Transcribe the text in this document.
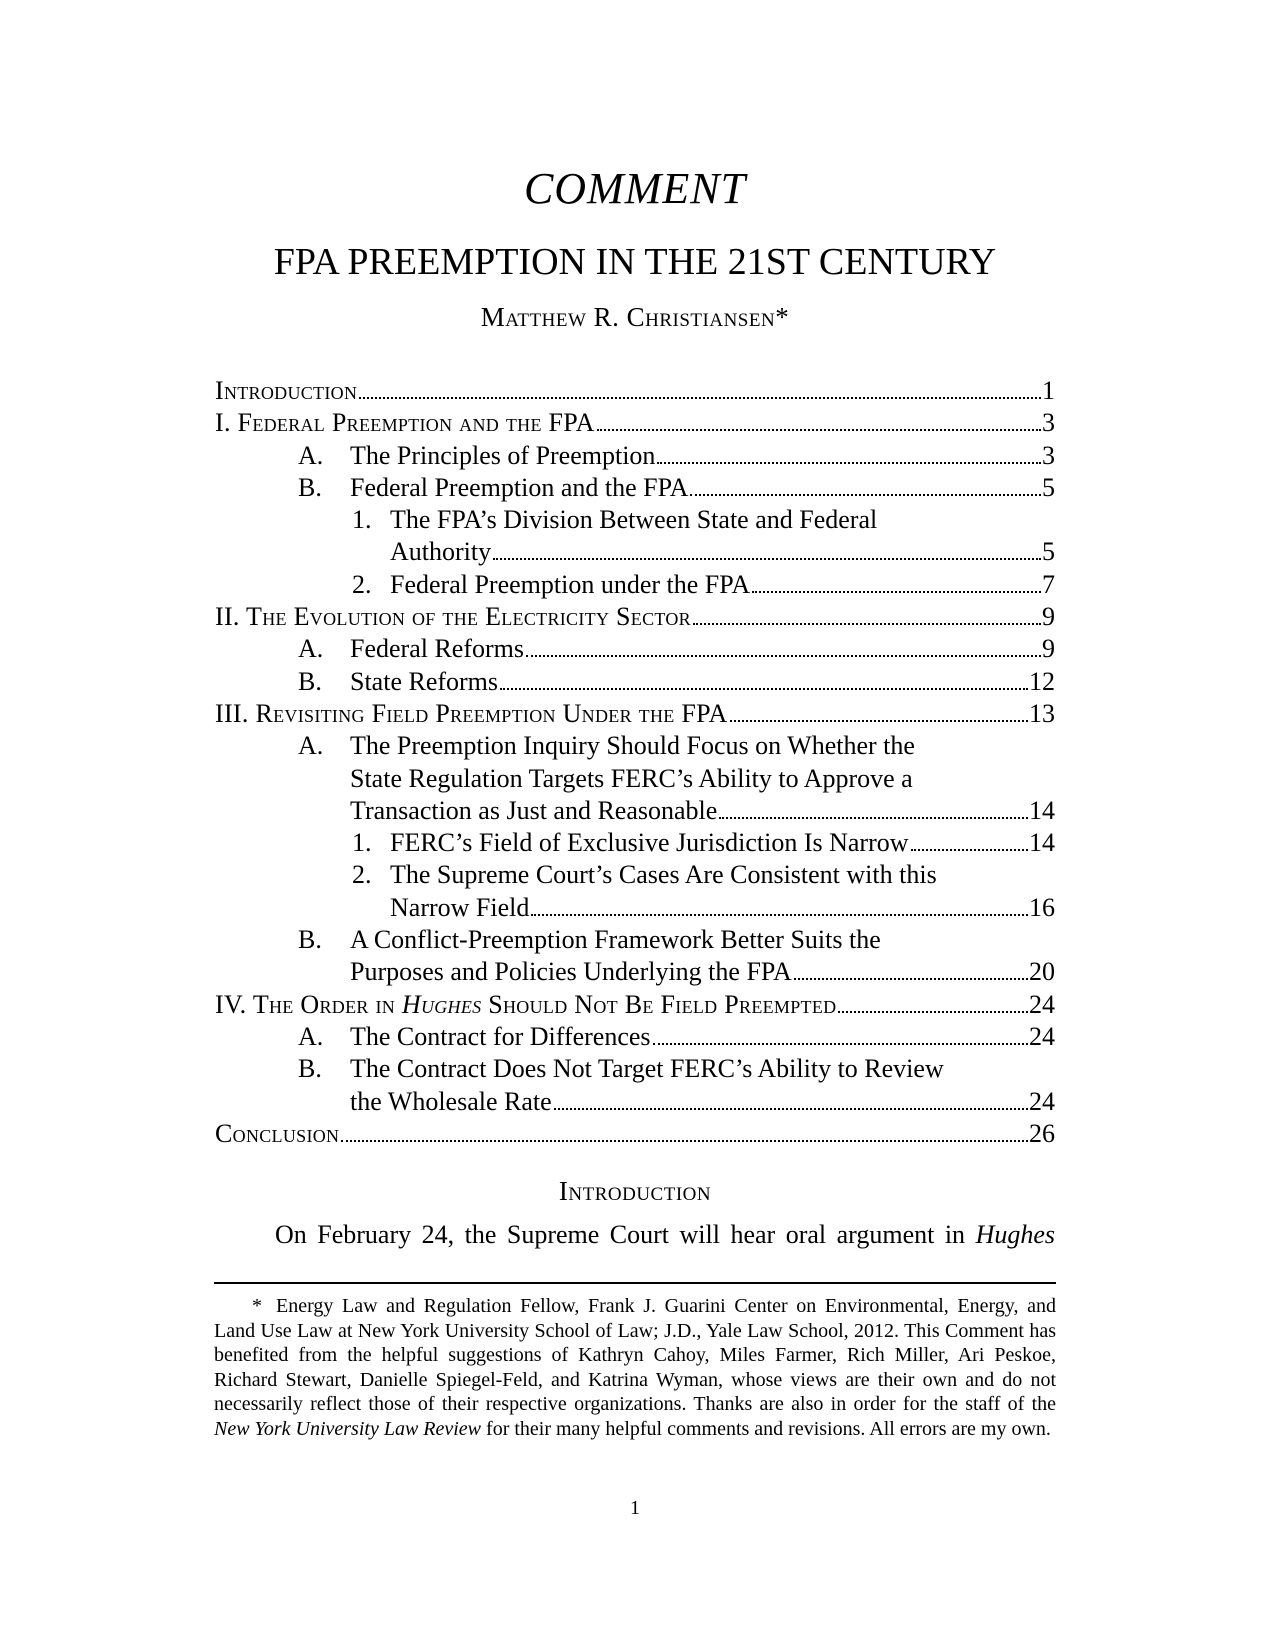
COMMENT
FPA PREEMPTION IN THE 21ST CENTURY
Matthew R. Christiansen*
Introduction	1
I. Federal Preemption and the FPA	3
A.	The Principles of Preemption	3
B.	Federal Preemption and the FPA	5
1. The FPA’s Division Between State and Federal
Authority	5
2. Federal Preemption under the FPA	7
II. The Evolution of the Electricity Sector	9
A.	Federal Reforms	9
B.	State Reforms	12
III. Revisiting Field Preemption Under the FPA	13
A.	The Preemption Inquiry Should Focus on Whether the
State Regulation Targets FERC’s Ability to Approve a
Transaction as Just and Reasonable	14
1. FERC’s Field of Exclusive Jurisdiction Is Narrow	14
2. The Supreme Court’s Cases Are Consistent with this
Narrow Field	16
B.	A Conflict-Preemption Framework Better Suits the
Purposes and Policies Underlying the FPA	20
IV. The Order in Hughes Should Not Be Field Preempted	24
A.	The Contract for Differences	24
B.	The Contract Does Not Target FERC’s Ability to Review
the Wholesale Rate	24
Conclusion	26
Introduction
On February 24, the Supreme Court will hear oral argument in Hughes
* Energy Law and Regulation Fellow, Frank J. Guarini Center on Environmental, Energy, and Land Use Law at New York University School of Law; J.D., Yale Law School, 2012. This Comment has benefited from the helpful suggestions of Kathryn Cahoy, Miles Farmer, Rich Miller, Ari Peskoe, Richard Stewart, Danielle Spiegel-Feld, and Katrina Wyman, whose views are their own and do not necessarily reflect those of their respective organizations. Thanks are also in order for the staff of the New York University Law Review for their many helpful comments and revisions. All errors are my own.
1
